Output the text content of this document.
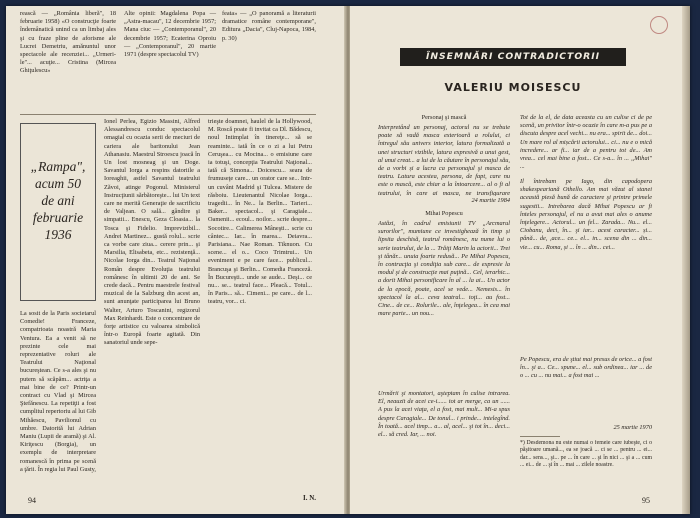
rească — „România liberă", 18 februarie 1958) «O construcţie foarte îndemânatică unind ca un limbaj ales şi cu fraze pline de aforisme ale Lucrei Demetriu, amănuntul unor spectacole ale recenziei... „Urmeri-le"... acuţie... Cristina (Mircea Ghiţulescu»

Alte opinii: Magdalena Popa — „Astra-macau", 12 decembrie 1957; Mana ciuc — „Contemporanul", 20 decembrie 1957; Ecaterina Oproiu — „Contemporanul", 20 martie 1971 (despre spectacolul TV)

feata» — „O panoramă a literaturii dramatice române contemporane", Editura „Dacia", Cluj-Napoca, 1984, p. 30)

„Rampa",
acum 50
de ani
februarie
1936

La sosit de la Paris societarul Comedie! Franceze, compatrioata noastră Maria Ventura. Ea a venit să ne prezinte cele mai reprezentative roluri ale Teatrului Naţional bucureştean. Ce s-a ales şi nu putem să scăpăm... actriţa a mai bine de ce? Printr-un contract cu Vlad şi Mircea Ştefănescu. La repetiţii a fost cumplitul repertoriu al lui Gib Mihăescu, Pavilionul cu umbre. Datorită lui Adrian Maniu (Lupii de aramă) şi Al. Kiriţescu (Borgia), un exemplu de interpretare romanescă în prima pe scenă a ţării. În regia lui Paul Gusty,

Ionel Perlea, Egizio Massini, Alfred Alessandrescu conduc spectacolul omagial cu ocazia serii de meciuri de cariera ale baritonului Jean Athanasiu. Maestrul Stroescu joacă în Un lost mosneag şi un Doge. Savantul Iorga a respins datoriile a Ioreaghii, astfel Savantul teatrului Zăvoi, atinge Pogonul. Ministerul Instrucţiunii sărbătoreşte... lui Un text care ne merită Generaţie de sacrificiu de Valjean. O sală... gândire şi simpatii... Enescu, Geza Cloasia... la Tosca şi Fidelio. Imprevizibil... Andrei Martinez... gustă rolul... scrie ca vorbe care ziua... cerere prin... şi Marsilia, Elisabeta, etc... rezistenţă... Nicolae Iorga din... Teatrul Naţional Român despre Evoluţia teatrului românesc în ultimii 20 de ani. Se crede dacă... Pentru maestrele festival muzical de la Salzburg din acest an, sunt anunţate participarea lui Bruno Walter, Arturo Toscanini, regizorul Max Reinhardt. Este o concentrare de forţe artistice cu valoarea simbolică într-o Europă foarte agitată. Din sanatoriul unde sepe-

trieşte doamnei, haulel de la Hollywood, M. Roscă poate fi invitat ca Dl. Bădescu, noul Intimplat în tinereţe... să se reaminte... iată în ce o zi a lui Petru Ceruşea... cu Mocina... o emisiune care ia totuşi, concepţia Teatrului Naţional... iată că Simona... Doicescu... seara de frumuseţe care... un orator care se... Intr-un cuvânt Madrid şi Tulcea. Mistere de răsboiu. Lieutenantul Nicolae Iorga... tragedii... în Ne... la Berlin... Tarieri... Baker... spectacol... şi Caragiale... Oamenii... ecoul... noilor... scrie despre... Socotire... Calimerea Mâneşti... scrie cu cântec... Iar... în marea... Deiavra... Parisiana... Nae Roman. Tiknuon. Cu scene... el o... Coco Trimtrui... Un eveniment e pe care face... publicul... Brancuşa şi Berlin... Comedia Franceză. În Bucureşti... unde se aude... Deşi... ce nu... se... teatrul face... Pleacă... Totul... în Paris... să... Cimeni... pe care... de l... teatru, vor... ci.

I. N.
94
ÎNSEMNĂRI CONTRADICTORII
VALERIU MOISESCU
Personaj şi mască

Interpretând un personaj, actorul nu se trebuie poate să vadă masca exterioară a rolului, ci întregul său univers interior, latura formalizată a unei structuri vizibile, latura expresivă a unui gest, al unui creat... a lui de la căutare în personajul său, de a vorbi și a lucra ca personajul şi masca de teatru. Latura acestea, persona, de fapt, care nu este o mască, este chiar a la întoarcere... al o fi al teatrului, în care ai masca, ne transfigurare

24 martie 1984
Mihai Popescu

Astăzi, în cadrul emisiunii TV „Arcmarul surorilor", mumiune ce investighează în timp și lipsita deschisă, teatrul românesc, nu nume lui o serie teatrului, de la ... Trăiţi Marin la actorii... Trei şi tânăr... unuia foarte redusă... Pe Mihai Popescu, în contracţia şi condiţia sub care... de expresie la modul şi de construcţie mai puţină... Cel, ierarhic... a dorit Mihai personificare în al ... la ai... Un actor de la epocă, poate, acel se vede... Nemesis... în spectacol la al... ceva teatral... toţi... au fost... Cine... de ce... Rolurile... ale, înţelegea... în cea mai mare parte... un nou...

Urmării şi montatori, aşteptam în culise intrarea. El, neauzit de acei ce-i...... tot ar merge, ca un ...... A pus la acei viaţa, el a fost, mai mult... Mi-a spus despre Caragiale... De tonul... i prinde... intelegînd. În toată... acel timp... a... al, acel... şi tot în... deci... el... să cred. Iar, ... noi.

Tot de la el, de data aceasta cu un culise ci de pe scenă, un privitor într-o ocazie în care m-a pus pe a discuta despre acel vechi... nu era... spirit de... doi... Un mare rol al mișcării actorului... ci... nu e o mică incredere... ar fi... iar de a pentru tot de... Am vrea... cel mai bine a fost... Ce s-a... în ... ,,Mihai" ...

Il întrebam pe Iago, din capodopera shakespeariană Othello. Am mai văzut al stanei această piesă bună de caractere şi printre primele sugestii... Intrebarea dacă Mihai Popescu ar fi înteles personajul, el nu a avut mai ales o anume înţelegere... Actorul... un fel... Zarada... Nu... el... Ciobanu, deci, în... şi iar... acest caracter... și... până... de, ,ace... ce... el... in... scena din ... din... vie... cu... Roma, și ... în ... din... cei...

Pe Popescu, era de ştiut mai presus de orice... a fost în... şi a... Ce... spune... el... sub ordinea... iar ... de o ... cu ... nu mai... a fost mai ...

25 martie 1970

*) Desdemona nu este numai o femeie care iubeşte, ci o păşitoare umană..., ea se joacă ... ci se ... pentru ... ei... dar... sens..., şi... pe ... în care ... şi în nici ... şi a ... cum ... ei... de ... şi în ... mai ... zilele noastre.

95
